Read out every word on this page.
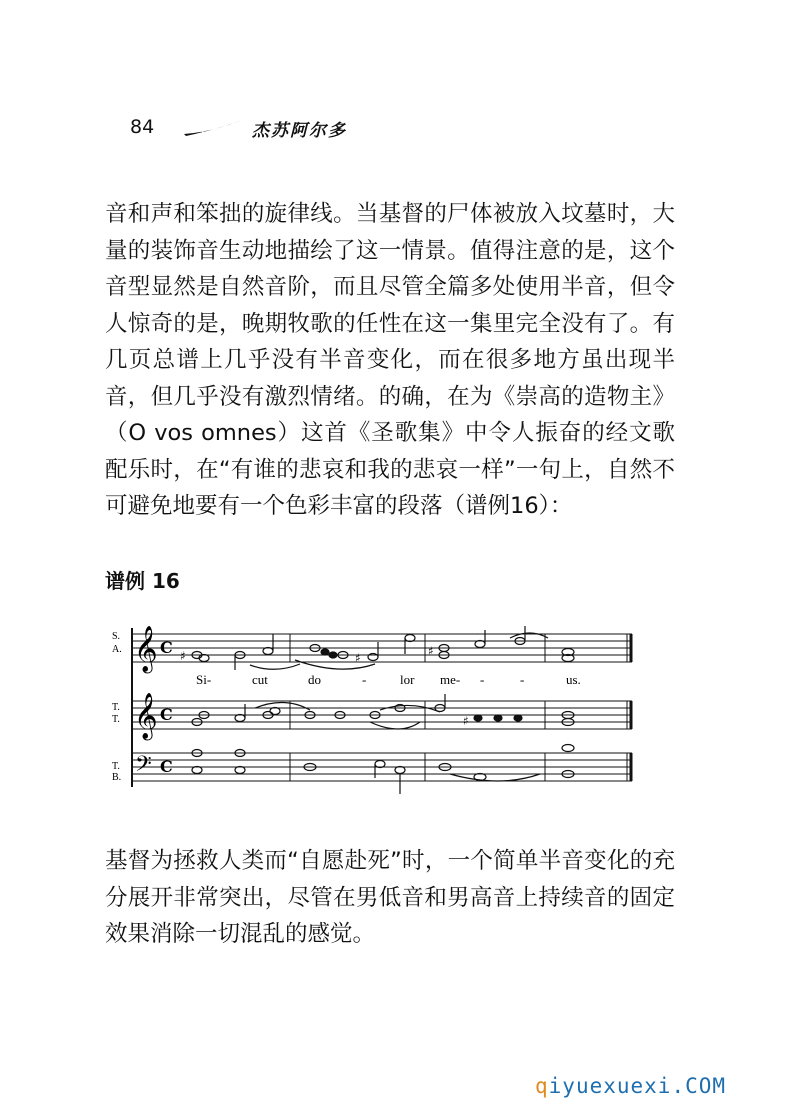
84	杰苏阿尔多

音和声和笨拙的旋律线。当基督的尸体被放入坟墓时，大量的装饰音生动地描绘了这一情景。值得注意的是，这个音型显然是自然音阶，而且尽管全篇多处使用半音，但令人惊奇的是，晚期牧歌的任性在这一集里完全没有了。有几页总谱上几乎没有半音变化，而在很多地方虽出现半音，但几乎没有激烈情绪。的确，在为《崇高的造物主》（O vos omnes）这首《圣歌集》中令人振奋的经文歌配乐时，在“有谁的悲哀和我的悲哀一样”一句上，自然不可避免地要有一个色彩丰富的段落（谱例16）：

谱例 16
𝄞
𝄞
𝄢
C
C
C
S.
A.
T.
T.
T.
B.
♯	♯	♯
♯
Si-	cut	do	-	lor me- -	-	us.

基督为拯救人类而“自愿赴死”时，一个简单半音变化的充分展开非常突出，尽管在男低音和男高音上持续音的固定效果消除一切混乱的感觉。

qiyuexuexi.COM
